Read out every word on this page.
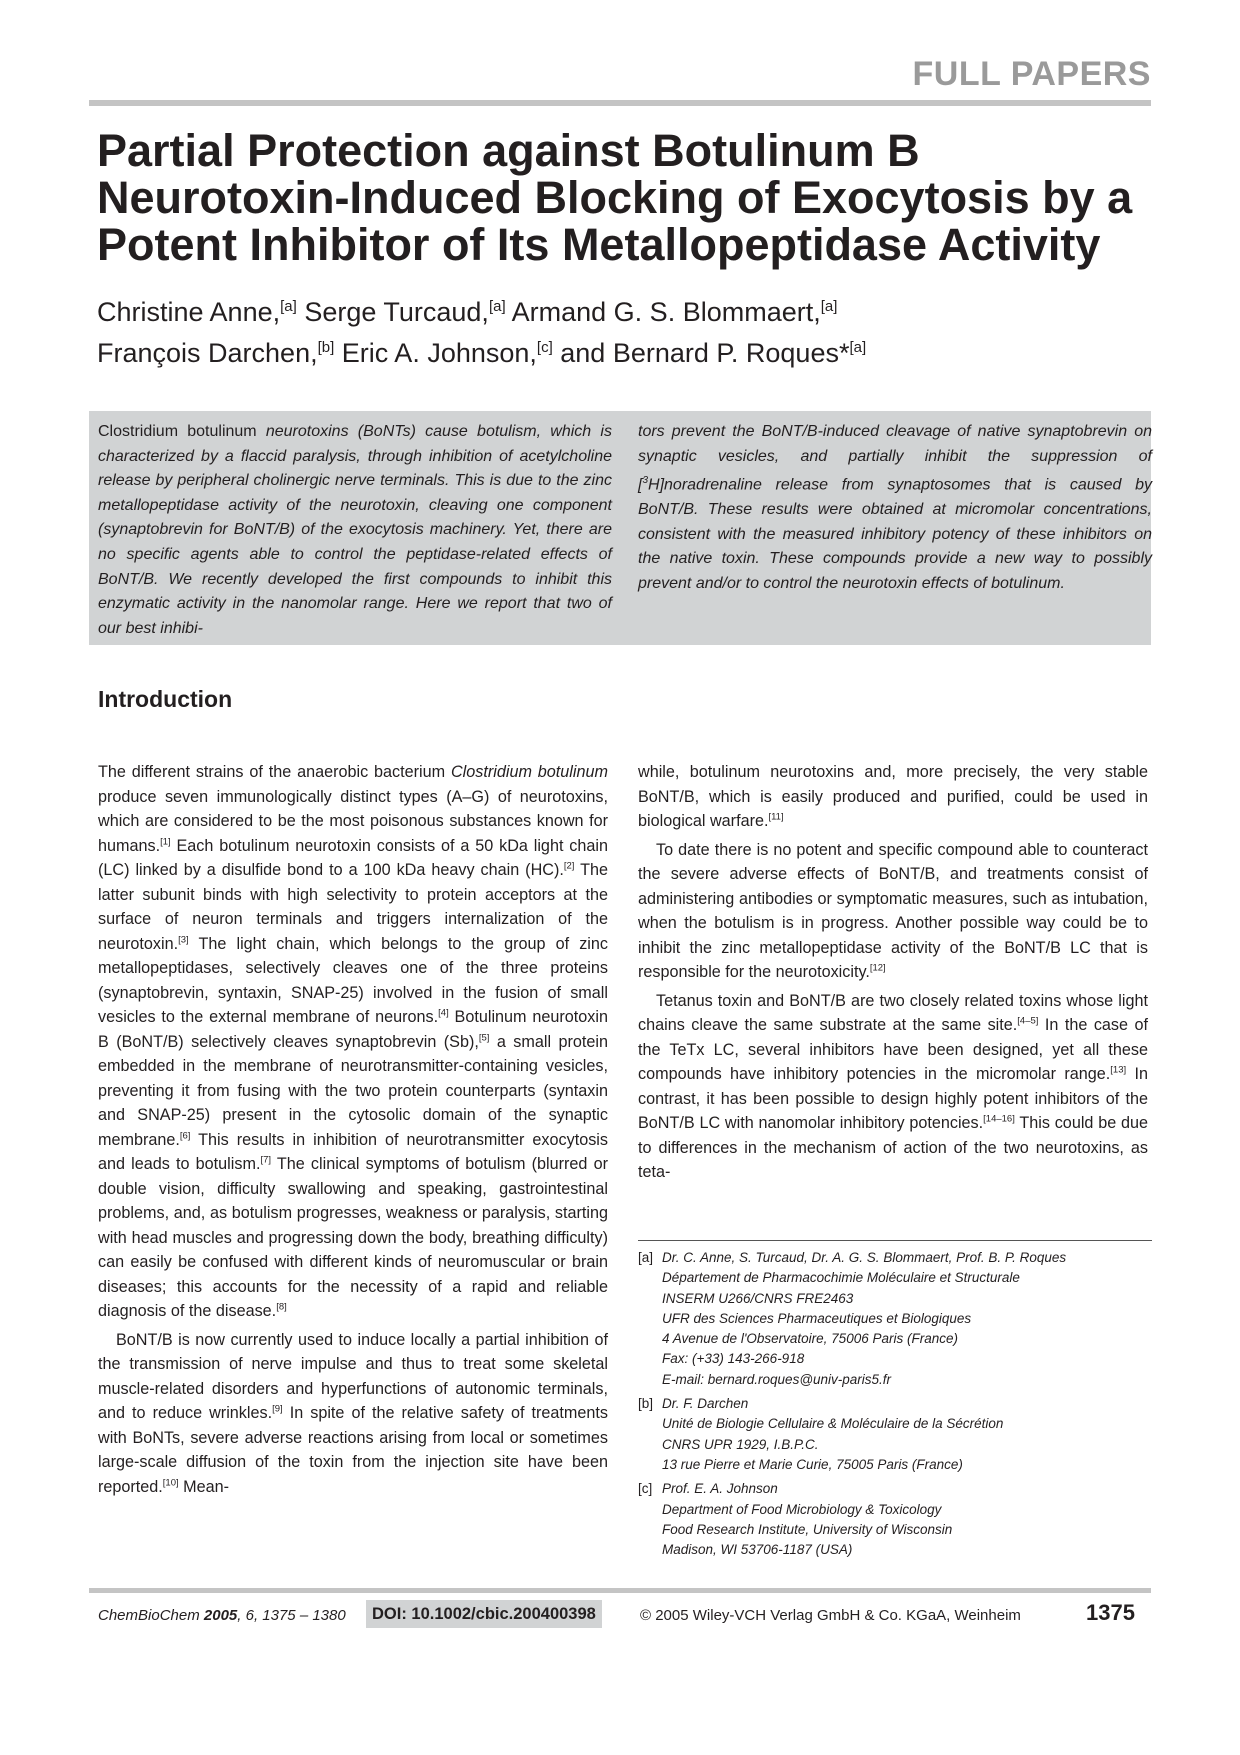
FULL PAPERS
Partial Protection against Botulinum B Neurotoxin-Induced Blocking of Exocytosis by a Potent Inhibitor of Its Metallopeptidase Activity
Christine Anne,[a] Serge Turcaud,[a] Armand G. S. Blommaert,[a]
François Darchen,[b] Eric A. Johnson,[c] and Bernard P. Roques*[a]
Clostridium botulinum neurotoxins (BoNTs) cause botulism, which is characterized by a flaccid paralysis, through inhibition of acetylcholine release by peripheral cholinergic nerve terminals. This is due to the zinc metallopeptidase activity of the neurotoxin, cleaving one component (synaptobrevin for BoNT/B) of the exocytosis machinery. Yet, there are no specific agents able to control the peptidase-related effects of BoNT/B. We recently developed the first compounds to inhibit this enzymatic activity in the nanomolar range. Here we report that two of our best inhibi-
tors prevent the BoNT/B-induced cleavage of native synaptobrevin on synaptic vesicles, and partially inhibit the suppression of [$^3$H]noradrenaline release from synaptosomes that is caused by BoNT/B. These results were obtained at micromolar concentrations, consistent with the measured inhibitory potency of these inhibitors on the native toxin. These compounds provide a new way to possibly prevent and/or to control the neurotoxin effects of botulinum.
Introduction

The different strains of the anaerobic bacterium Clostridium botulinum produce seven immunologically distinct types (A–G) of neurotoxins, which are considered to be the most poisonous substances known for humans.[1] Each botulinum neurotoxin consists of a 50 kDa light chain (LC) linked by a disulfide bond to a 100 kDa heavy chain (HC).[2] The latter subunit binds with high selectivity to protein acceptors at the surface of neuron terminals and triggers internalization of the neurotoxin.[3] The light chain, which belongs to the group of zinc metallopeptidases, selectively cleaves one of the three proteins (synaptobrevin, syntaxin, SNAP-25) involved in the fusion of small vesicles to the external membrane of neurons.[4] Botulinum neurotoxin B (BoNT/B) selectively cleaves synaptobrevin (Sb),[5] a small protein embedded in the membrane of neurotransmitter-containing vesicles, preventing it from fusing with the two protein counterparts (syntaxin and SNAP-25) present in the cytosolic domain of the synaptic membrane.[6] This results in inhibition of neurotransmitter exocytosis and leads to botulism.[7] The clinical symptoms of botulism (blurred or double vision, difficulty swallowing and speaking, gastrointestinal problems, and, as botulism progresses, weakness or paralysis, starting with head muscles and progressing down the body, breathing difficulty) can easily be confused with different kinds of neuromuscular or brain diseases; this accounts for the necessity of a rapid and reliable diagnosis of the disease.[8]

BoNT/B is now currently used to induce locally a partial inhibition of the transmission of nerve impulse and thus to treat some skeletal muscle-related disorders and hyperfunctions of autonomic terminals, and to reduce wrinkles.[9] In spite of the relative safety of treatments with BoNTs, severe adverse reactions arising from local or sometimes large-scale diffusion of the toxin from the injection site have been reported.[10] Mean-

while, botulinum neurotoxins and, more precisely, the very stable BoNT/B, which is easily produced and purified, could be used in biological warfare.[11]

To date there is no potent and specific compound able to counteract the severe adverse effects of BoNT/B, and treatments consist of administering antibodies or symptomatic measures, such as intubation, when the botulism is in progress. Another possible way could be to inhibit the zinc metallopeptidase activity of the BoNT/B LC that is responsible for the neurotoxicity.[12]

Tetanus toxin and BoNT/B are two closely related toxins whose light chains cleave the same substrate at the same site.[4–5] In the case of the TeTx LC, several inhibitors have been designed, yet all these compounds have inhibitory potencies in the micromolar range.[13] In contrast, it has been possible to design highly potent inhibitors of the BoNT/B LC with nanomolar inhibitory potencies.[14–16] This could be due to differences in the mechanism of action of the two neurotoxins, as teta-

[a] Dr. C. Anne, S. Turcaud, Dr. A. G. S. Blommaert, Prof. B. P. Roques
Département de Pharmacochimie Moléculaire et Structurale
INSERM U266/CNRS FRE2463
UFR des Sciences Pharmaceutiques et Biologiques
4 Avenue de l'Observatoire, 75006 Paris (France)
Fax: (+33) 143-266-918
E-mail: bernard.roques@univ-paris5.fr
[b] Dr. F. Darchen
Unité de Biologie Cellulaire & Moléculaire de la Sécrétion
CNRS UPR 1929, I.B.P.C.
13 rue Pierre et Marie Curie, 75005 Paris (France)
[c] Prof. E. A. Johnson
Department of Food Microbiology & Toxicology
Food Research Institute, University of Wisconsin
Madison, WI 53706-1187 (USA)
ChemBioChem 2005, 6, 1375 – 1380	DOI: 10.1002/cbic.200400398	© 2005 Wiley-VCH Verlag GmbH & Co. KGaA, Weinheim	1375
